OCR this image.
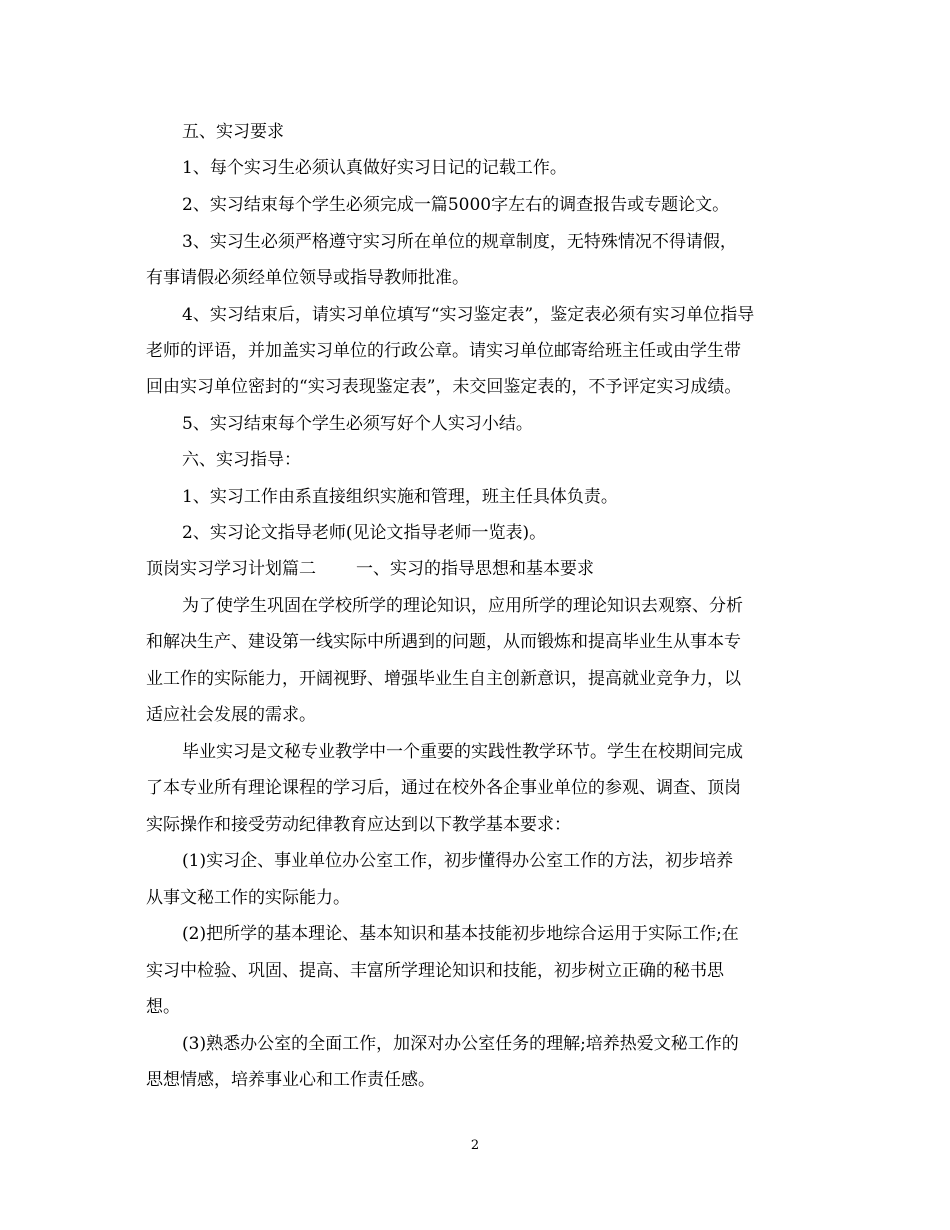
五、实习要求

1、每个实习生必须认真做好实习日记的记载工作。

2、实习结束每个学生必须完成一篇5000字左右的调查报告或专题论文。

3、实习生必须严格遵守实习所在单位的规章制度，无特殊情况不得请假，

有事请假必须经单位领导或指导教师批准。

4、实习结束后，请实习单位填写“实习鉴定表”，鉴定表必须有实习单位指导

老师的评语，并加盖实习单位的行政公章。请实习单位邮寄给班主任或由学生带

回由实习单位密封的“实习表现鉴定表”，未交回鉴定表的，不予评定实习成绩。

5、实习结束每个学生必须写好个人实习小结。

六、实习指导：

1、实习工作由系直接组织实施和管理，班主任具体负责。

2、实习论文指导老师(见论文指导老师一览表)。

顶岗实习学习计划篇二 一、实习的指导思想和基本要求

为了使学生巩固在学校所学的理论知识，应用所学的理论知识去观察、分析

和解决生产、建设第一线实际中所遇到的问题，从而锻炼和提高毕业生从事本专

业工作的实际能力，开阔视野、增强毕业生自主创新意识，提高就业竞争力，以

适应社会发展的需求。

毕业实习是文秘专业教学中一个重要的实践性教学环节。学生在校期间完成

了本专业所有理论课程的学习后，通过在校外各企事业单位的参观、调查、顶岗

实际操作和接受劳动纪律教育应达到以下教学基本要求：

(1)实习企、事业单位办公室工作，初步懂得办公室工作的方法，初步培养

从事文秘工作的实际能力。

(2)把所学的基本理论、基本知识和基本技能初步地综合运用于实际工作;在

实习中检验、巩固、提高、丰富所学理论知识和技能，初步树立正确的秘书思

想。

(3)熟悉办公室的全面工作，加深对办公室任务的理解;培养热爱文秘工作的

思想情感，培养事业心和工作责任感。

2
